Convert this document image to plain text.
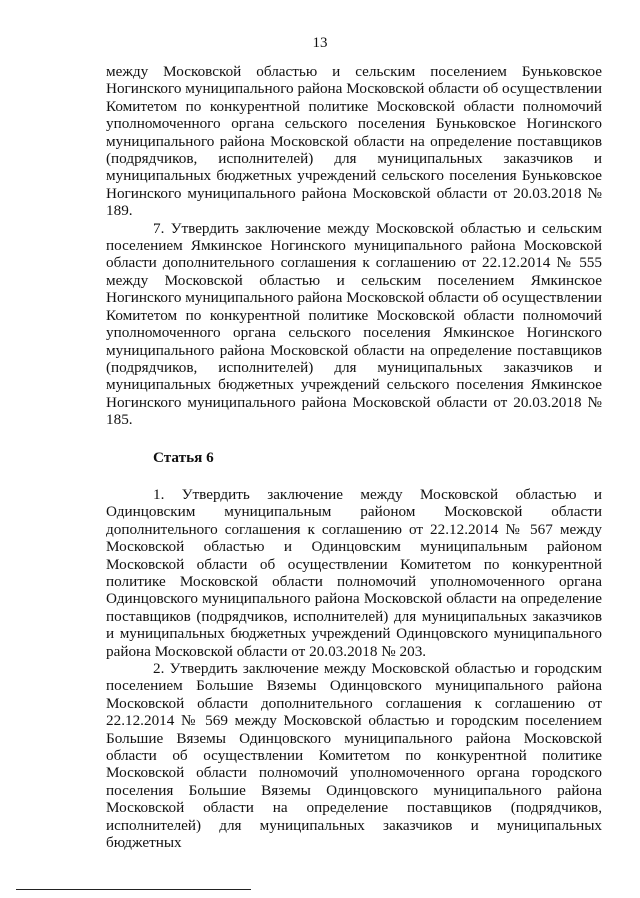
13

между Московской областью и сельским поселением Буньковское Ногинского муниципального района Московской области об осуществлении Комитетом по конкурентной политике Московской области полномочий уполномоченного органа сельского поселения Буньковское Ногинского муниципального района Московской области на определение поставщиков (подрядчиков, исполнителей) для муниципальных заказчиков и муниципальных бюджетных учреждений сельского поселения Буньковское Ногинского муниципального района Московской области от 20.03.2018 № 189.

7. Утвердить заключение между Московской областью и сельским поселением Ямкинское Ногинского муниципального района Московской области дополнительного соглашения к соглашению от 22.12.2014 № 555 между Московской областью и сельским поселением Ямкинское Ногинского муниципального района Московской области об осуществлении Комитетом по конкурентной политике Московской области полномочий уполномоченного органа сельского поселения Ямкинское Ногинского муниципального района Московской области на определение поставщиков (подрядчиков, исполнителей) для муниципальных заказчиков и муниципальных бюджетных учреждений сельского поселения Ямкинское Ногинского муниципального района Московской области от 20.03.2018 № 185.

Статья 6

1. Утвердить заключение между Московской областью и Одинцовским муниципальным районом Московской области дополнительного соглашения к соглашению от 22.12.2014 № 567 между Московской областью и Одинцовским муниципальным районом Московской области об осуществлении Комитетом по конкурентной политике Московской области полномочий уполномоченного органа Одинцовского муниципального района Московской области на определение поставщиков (подрядчиков, исполнителей) для муниципальных заказчиков и муниципальных бюджетных учреждений Одинцовского муниципального района Московской области от 20.03.2018 № 203.

2. Утвердить заключение между Московской областью и городским поселением Большие Вяземы Одинцовского муниципального района Московской области дополнительного соглашения к соглашению от 22.12.2014 № 569 между Московской областью и городским поселением Большие Вяземы Одинцовского муниципального района Московской области об осуществлении Комитетом по конкурентной политике Московской области полномочий уполномоченного органа городского поселения Большие Вяземы Одинцовского муниципального района Московской области на определение поставщиков (подрядчиков, исполнителей) для муниципальных заказчиков и муниципальных бюджетных
